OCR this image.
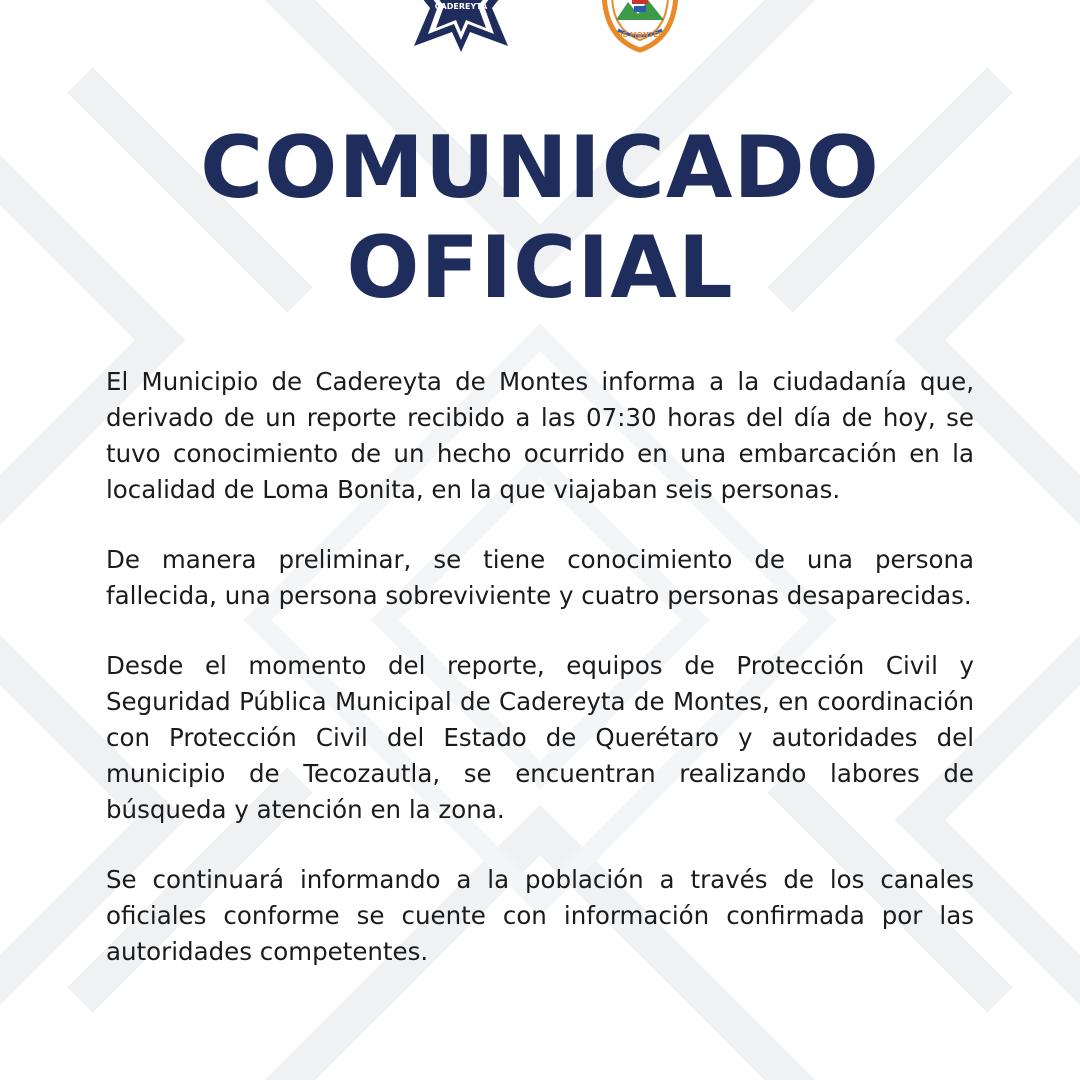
CADEREYTA
DE MONTES
COMUNICADO
OFICIAL

El Municipio de Cadereyta de Montes informa a la ciudadanía que, derivado de un reporte recibido a las 07:30 horas del día de hoy, se tuvo conocimiento de un hecho ocurrido en una embarcación en la localidad de Loma Bonita, en la que viajaban seis personas.

De manera preliminar, se tiene conocimiento de una persona fallecida, una persona sobreviviente y cuatro personas desaparecidas.

Desde el momento del reporte, equipos de Protección Civil y Seguridad Pública Municipal de Cadereyta de Montes, en coordinación con Protección Civil del Estado de Querétaro y autoridades del municipio de Tecozautla, se encuentran realizando labores de búsqueda y atención en la zona.

Se continuará informando a la población a través de los canales oficiales conforme se cuente con información confirmada por las autoridades competentes.
